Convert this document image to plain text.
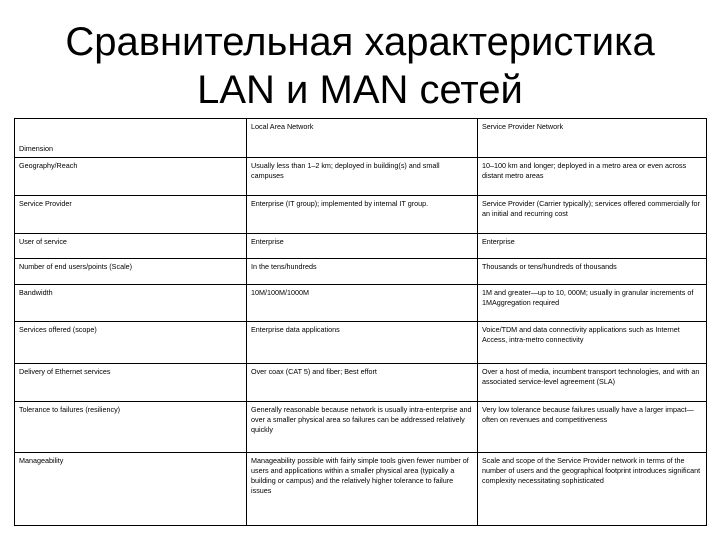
Сравнительная характеристика
LAN и MAN сетей
Dimension	Local Area Network	Service Provider Network
Geography/Reach	Usually less than 1–2 km; deployed in building(s) and small campuses	10–100 km and longer; deployed in a metro area or even across distant metro areas
Service Provider	Enterprise (IT group); implemented by internal IT group.	Service Provider (Carrier typically); services offered commercially for an initial and recurring cost
User of service	Enterprise	Enterprise
Number of end users/points (Scale)	In the tens/hundreds	Thousands or tens/hundreds of thousands
Bandwidth	10M/100M/1000M	1M and greater—up to 10, 000M; usually in granular increments of 1MAggregation required
Services offered (scope)	Enterprise data applications	Voice/TDM and data connectivity applications such as Internet Access, intra-metro connectivity
Delivery of Ethernet services	Over coax (CAT 5) and fiber; Best effort	Over a host of media, incumbent transport technologies, and with an associated service-level agreement (SLA)
Tolerance to failures (resiliency)	Generally reasonable because network is usually intra-enterprise and over a smaller physical area so failures can be addressed relatively quickly	Very low tolerance because failures usually have a larger impact—often on revenues and competitiveness
Manageability	Manageability possible with fairly simple tools given fewer number of users and applications within a smaller physical area (typically a building or campus) and the relatively higher tolerance to failure issues	Scale and scope of the Service Provider network in terms of the number of users and the geographical footprint introduces significant complexity necessitating sophisticated
